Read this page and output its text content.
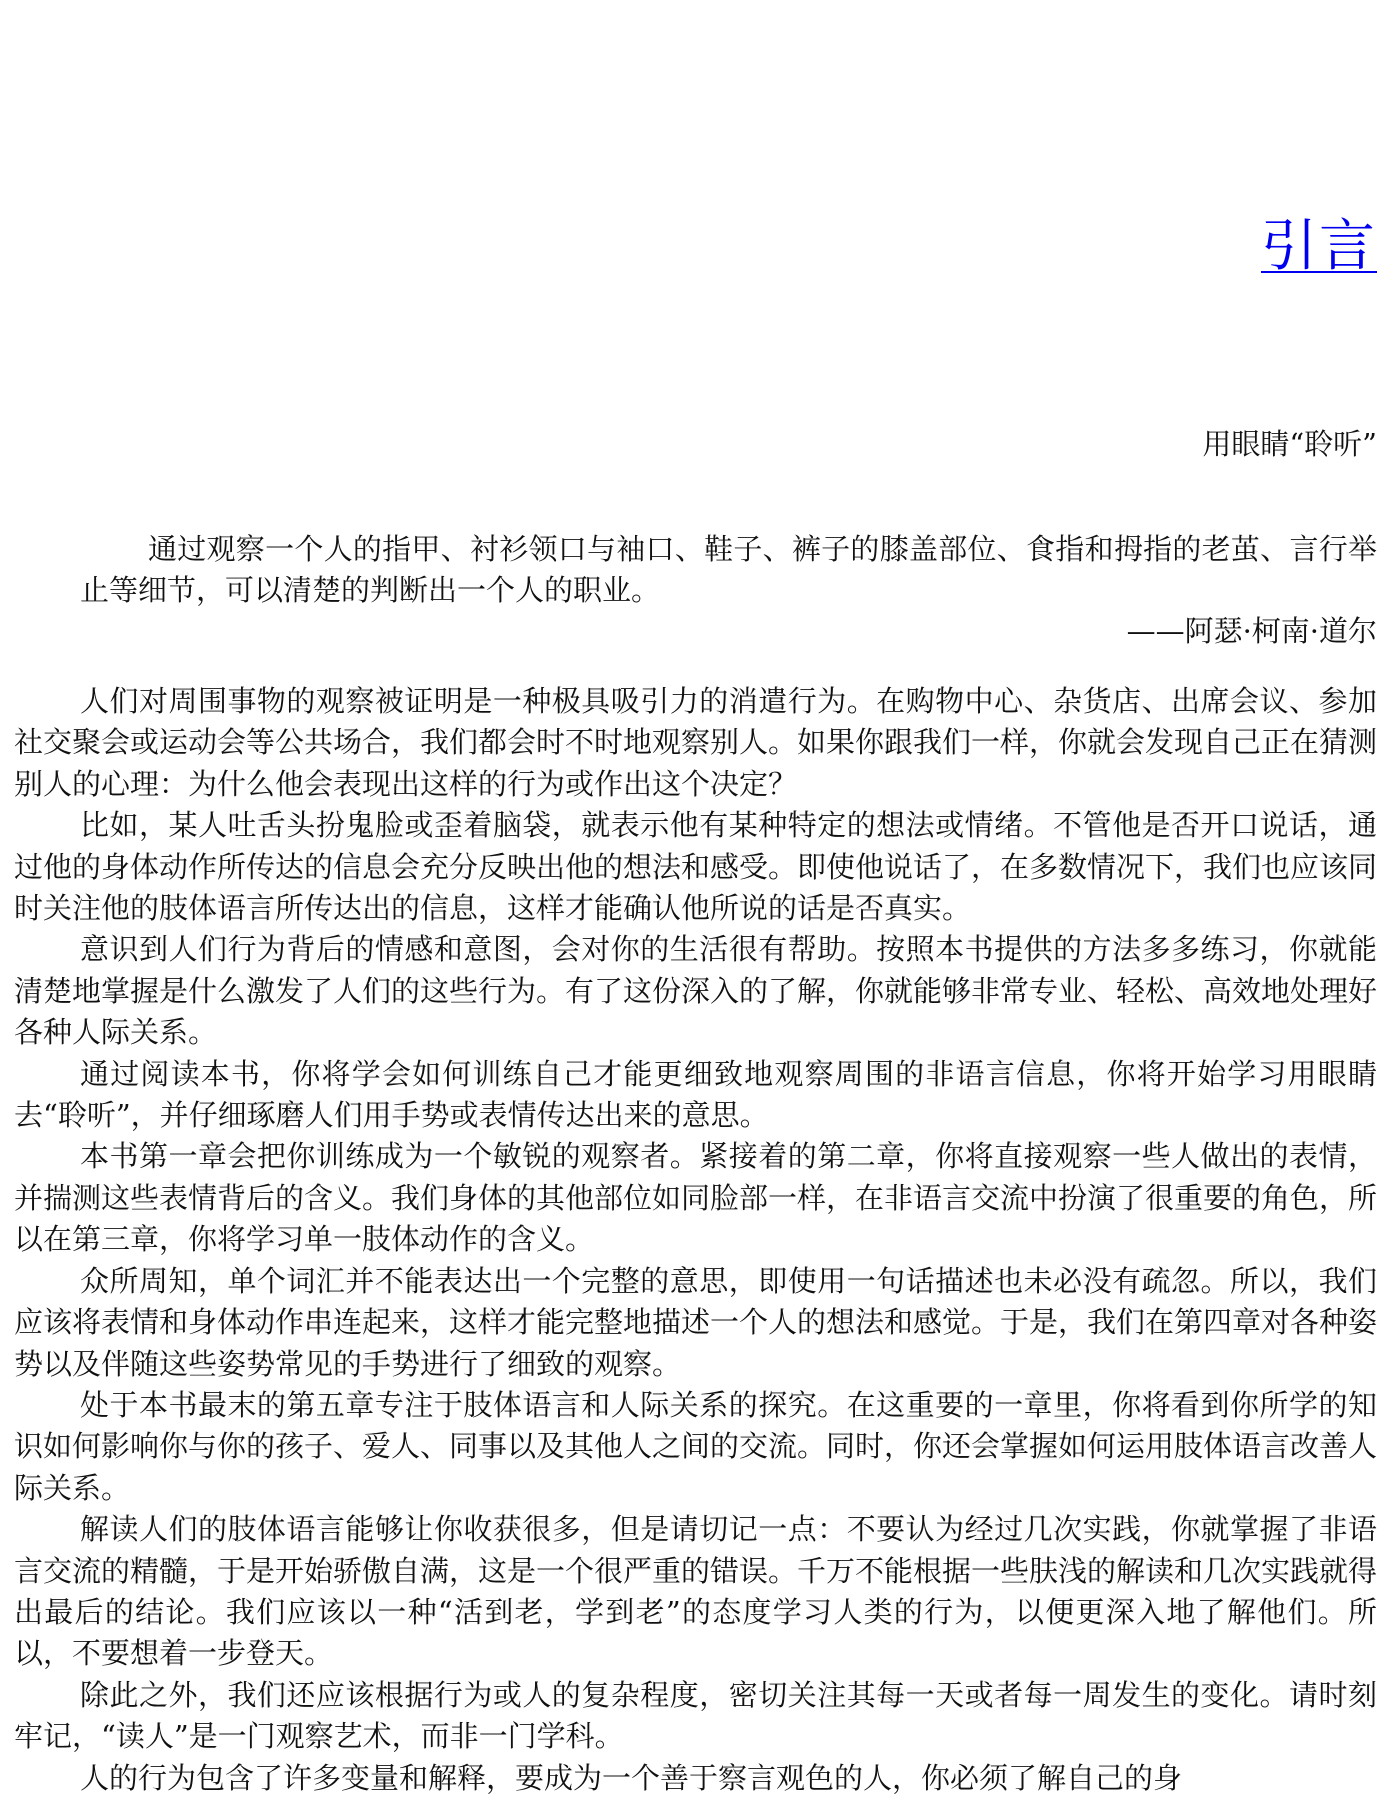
引言
用眼睛“聆听”

通过观察一个人的指甲、衬衫领口与袖口、鞋子、裤子的膝盖部位、食指和拇指的老茧、言行举止等细节，可以清楚的判断出一个人的职业。

——阿瑟·柯南·道尔

人们对周围事物的观察被证明是一种极具吸引力的消遣行为。在购物中心、杂货店、出席会议、参加社交聚会或运动会等公共场合，我们都会时不时地观察别人。如果你跟我们一样，你就会发现自己正在猜测别人的心理：为什么他会表现出这样的行为或作出这个决定？

比如，某人吐舌头扮鬼脸或歪着脑袋，就表示他有某种特定的想法或情绪。不管他是否开口说话，通过他的身体动作所传达的信息会充分反映出他的想法和感受。即使他说话了，在多数情况下，我们也应该同时关注他的肢体语言所传达出的信息，这样才能确认他所说的话是否真实。

意识到人们行为背后的情感和意图，会对你的生活很有帮助。按照本书提供的方法多多练习，你就能清楚地掌握是什么激发了人们的这些行为。有了这份深入的了解，你就能够非常专业、轻松、高效地处理好各种人际关系。

通过阅读本书，你将学会如何训练自己才能更细致地观察周围的非语言信息，你将开始学习用眼睛去“聆听”，并仔细琢磨人们用手势或表情传达出来的意思。

本书第一章会把你训练成为一个敏锐的观察者。紧接着的第二章，你将直接观察一些人做出的表情，并揣测这些表情背后的含义。我们身体的其他部位如同脸部一样，在非语言交流中扮演了很重要的角色，所以在第三章，你将学习单一肢体动作的含义。

众所周知，单个词汇并不能表达出一个完整的意思，即使用一句话描述也未必没有疏忽。所以，我们应该将表情和身体动作串连起来，这样才能完整地描述一个人的想法和感觉。于是，我们在第四章对各种姿势以及伴随这些姿势常见的手势进行了细致的观察。

处于本书最末的第五章专注于肢体语言和人际关系的探究。在这重要的一章里，你将看到你所学的知识如何影响你与你的孩子、爱人、同事以及其他人之间的交流。同时，你还会掌握如何运用肢体语言改善人际关系。

解读人们的肢体语言能够让你收获很多，但是请切记一点：不要认为经过几次实践，你就掌握了非语言交流的精髓，于是开始骄傲自满，这是一个很严重的错误。千万不能根据一些肤浅的解读和几次实践就得出最后的结论。我们应该以一种“活到老，学到老”的态度学习人类的行为，以便更深入地了解他们。所以，不要想着一步登天。

除此之外，我们还应该根据行为或人的复杂程度，密切关注其每一天或者每一周发生的变化。请时刻牢记，“读人”是一门观察艺术，而非一门学科。

人的行为包含了许多变量和解释，要成为一个善于察言观色的人，你必须了解自己的身
